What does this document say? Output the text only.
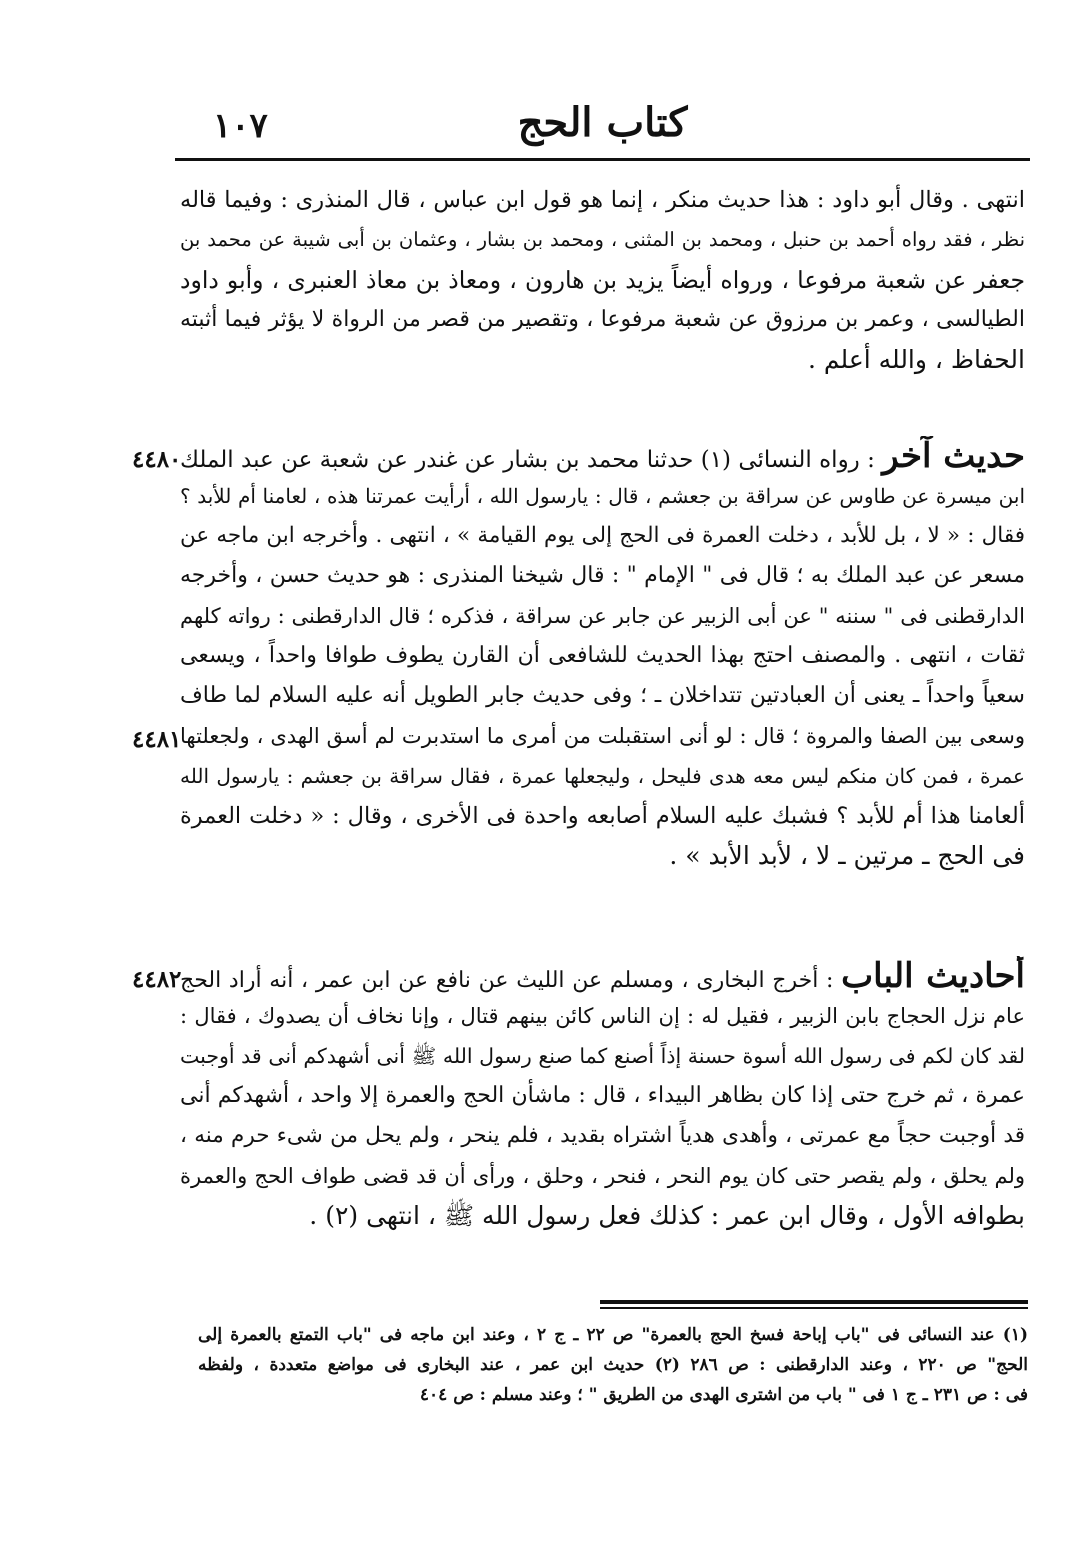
كتاب الحج
١٠٧
انتهى . وقال أبو داود : هذا حديث منكر ، إنما هو قول ابن عباس ، قال المنذرى : وفيما قاله
نظر ، فقد رواه أحمد بن حنبل ، ومحمد بن المثنى ، ومحمد بن بشار ، وعثمان بن أبى شيبة عن محمد بن
جعفر عن شعبة مرفوعا ، ورواه أيضاً يزيد بن هارون ، ومعاذ بن معاذ العنبرى ، وأبو داود
الطيالسى ، وعمر بن مرزوق عن شعبة مرفوعا ، وتقصير من قصر من الرواة لا يؤثر فيما أثبته
الحفاظ ، والله أعلم .
٤٤٨٠
٤٤٨١
حديث آخر : رواه النسائى (١) حدثنا محمد بن بشار عن غندر عن شعبة عن عبد الملك
ابن ميسرة عن طاوس عن سراقة بن جعشم ، قال : يارسول الله ، أرأيت عمرتنا هذه ، لعامنا أم للأبد ؟
فقال : « لا ، بل للأبد ، دخلت العمرة فى الحج إلى يوم القيامة » ، انتهى . وأخرجه ابن ماجه عن
مسعر عن عبد الملك به ؛ قال فى " الإمام " : قال شيخنا المنذرى : هو حديث حسن ، وأخرجه
الدارقطنى فى " سننه " عن أبى الزبير عن جابر عن سراقة ، فذكره ؛ قال الدارقطنى : رواته كلهم
ثقات ، انتهى . والمصنف احتج بهذا الحديث للشافعى أن القارن يطوف طوافا واحداً ، ويسعى
سعياً واحداً ـ يعنى أن العبادتين تتداخلان ـ ؛ وفى حديث جابر الطويل أنه عليه السلام لما طاف
وسعى بين الصفا والمروة ؛ قال : لو أنى استقبلت من أمرى ما استدبرت لم أسق الهدى ، ولجعلتها
عمرة ، فمن كان منكم ليس معه هدى فليحل ، وليجعلها عمرة ، فقال سراقة بن جعشم : يارسول الله
ألعامنا هذا أم للأبد ؟ فشبك عليه السلام أصابعه واحدة فى الأخرى ، وقال : « دخلت العمرة
فى الحج ـ مرتين ـ لا ، لأبد الأبد » .
٤٤٨٢	أحاديث الباب : أخرج البخارى ، ومسلم عن الليث عن نافع عن ابن عمر ، أنه أراد الحج
عام نزل الحجاج بابن الزبير ، فقيل له : إن الناس كائن بينهم قتال ، وإنا نخاف أن يصدوك ، فقال :
لقد كان لكم فى رسول الله أسوة حسنة إذاً أصنع كما صنع رسول الله ﷺ أنى أشهدكم أنى قد أوجبت
عمرة ، ثم خرج حتى إذا كان بظاهر البيداء ، قال : ماشأن الحج والعمرة إلا واحد ، أشهدكم أنى
قد أوجبت حجاً مع عمرتى ، وأهدى هدياً اشتراه بقديد ، فلم ينحر ، ولم يحل من شىء حرم منه ،
ولم يحلق ، ولم يقصر حتى كان يوم النحر ، فنحر ، وحلق ، ورأى أن قد قضى طواف الحج والعمرة
بطوافه الأول ، وقال ابن عمر : كذلك فعل رسول الله ﷺ ، انتهى (٢) .
(١) عند النسائى فى "باب إباحة فسخ الحج بالعمرة" ص ٢٢ ـ ج ٢ ، وعند ابن ماجه فى "باب التمتع بالعمرة إلى
الحج" ص ٢٢٠ ، وعند الدارقطنى : ص ٢٨٦ (٢) حديث ابن عمر ، عند البخارى فى مواضع متعددة ، ولفظه
فى : ص ٢٣١ ـ ج ١ فى " باب من اشترى الهدى من الطريق " ؛ وعند مسلم : ص ٤٠٤
